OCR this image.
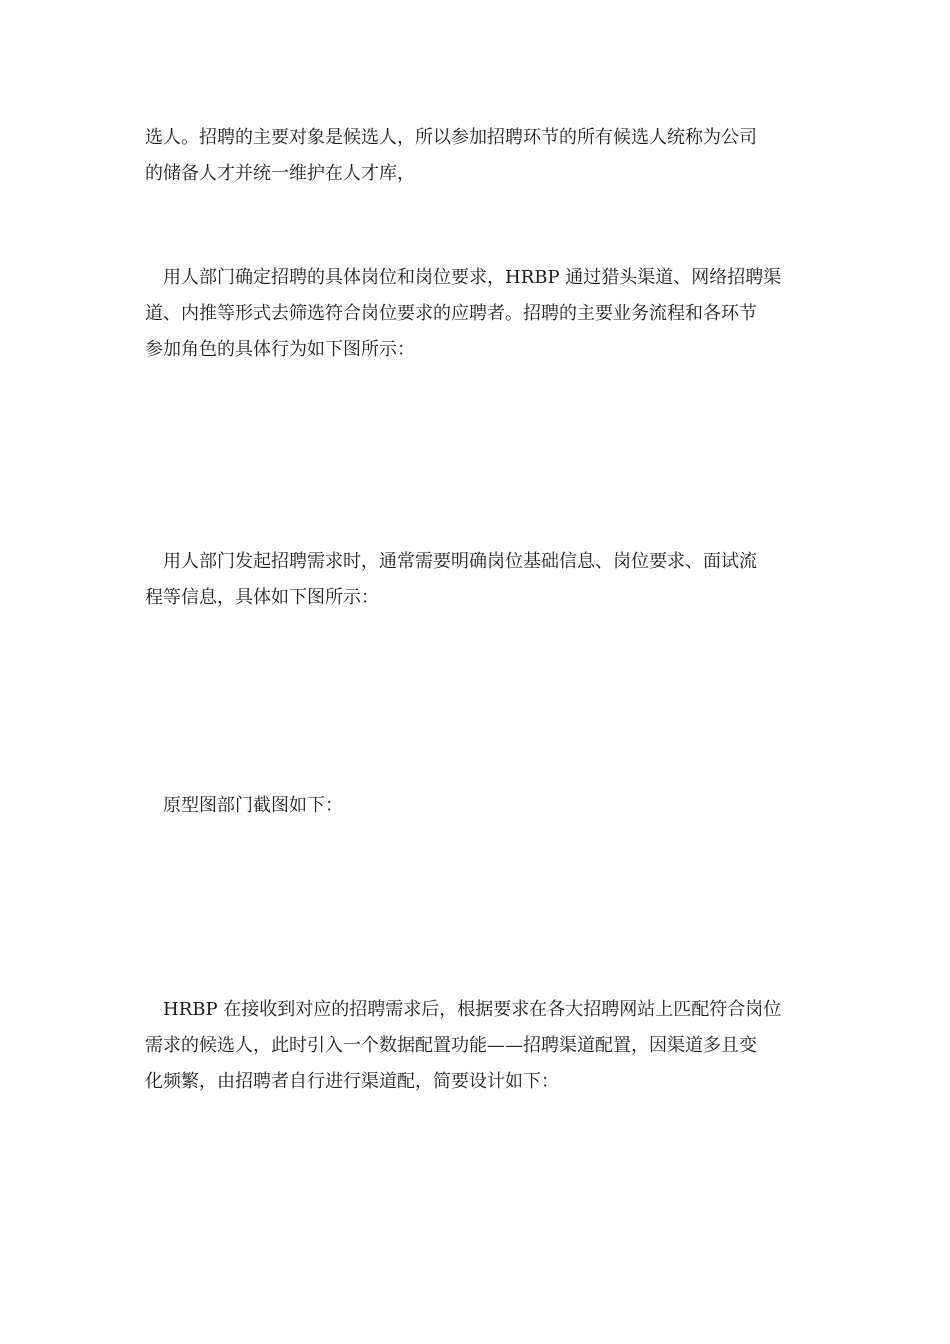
选人。招聘的主要对象是候选人，所以参加招聘环节的所有候选人统称为公司
的储备人才并统一维护在人才库，

用人部门确定招聘的具体岗位和岗位要求，HRBP 通过猎头渠道、网络招聘渠
道、内推等形式去筛选符合岗位要求的应聘者。招聘的主要业务流程和各环节
参加角色的具体行为如下图所示：

用人部门发起招聘需求时，通常需要明确岗位基础信息、岗位要求、面试流
程等信息，具体如下图所示：

原型图部门截图如下：

HRBP 在接收到对应的招聘需求后，根据要求在各大招聘网站上匹配符合岗位
需求的候选人，此时引入一个数据配置功能——招聘渠道配置，因渠道多且变
化频繁，由招聘者自行进行渠道配，简要设计如下：
